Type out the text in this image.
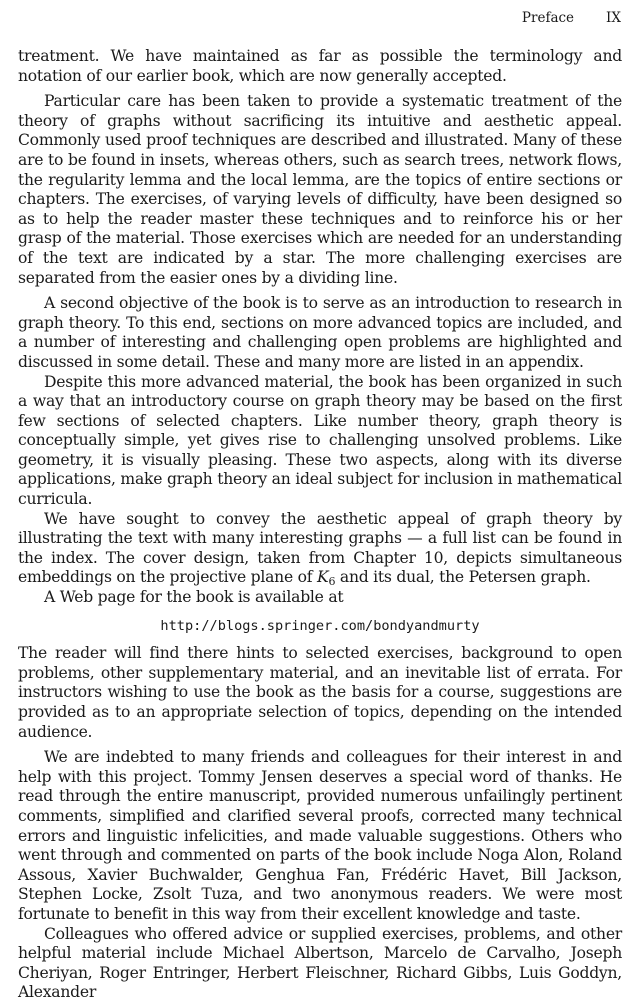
Preface IX

treatment. We have maintained as far as possible the terminology and notation of our earlier book, which are now generally accepted.

Particular care has been taken to provide a systematic treatment of the theory of graphs without sacrificing its intuitive and aesthetic appeal. Commonly used proof techniques are described and illustrated. Many of these are to be found in insets, whereas others, such as search trees, network flows, the regularity lemma and the local lemma, are the topics of entire sections or chapters. The exercises, of varying levels of difficulty, have been designed so as to help the reader master these techniques and to reinforce his or her grasp of the material. Those exercises which are needed for an understanding of the text are indicated by a star. The more challenging exercises are separated from the easier ones by a dividing line.

A second objective of the book is to serve as an introduction to research in graph theory. To this end, sections on more advanced topics are included, and a number of interesting and challenging open problems are highlighted and discussed in some detail. These and many more are listed in an appendix.

Despite this more advanced material, the book has been organized in such a way that an introductory course on graph theory may be based on the first few sections of selected chapters. Like number theory, graph theory is conceptually simple, yet gives rise to challenging unsolved problems. Like geometry, it is visually pleasing. These two aspects, along with its diverse applications, make graph theory an ideal subject for inclusion in mathematical curricula.

We have sought to convey the aesthetic appeal of graph theory by illustrating the text with many interesting graphs — a full list can be found in the index. The cover design, taken from Chapter 10, depicts simultaneous embeddings on the projective plane of $K_6$ and its dual, the Petersen graph.

A Web page for the book is available at

http://blogs.springer.com/bondyandmurty

The reader will find there hints to selected exercises, background to open problems, other supplementary material, and an inevitable list of errata. For instructors wishing to use the book as the basis for a course, suggestions are provided as to an appropriate selection of topics, depending on the intended audience.

We are indebted to many friends and colleagues for their interest in and help with this project. Tommy Jensen deserves a special word of thanks. He read through the entire manuscript, provided numerous unfailingly pertinent comments, simplified and clarified several proofs, corrected many technical errors and linguistic infelicities, and made valuable suggestions. Others who went through and commented on parts of the book include Noga Alon, Roland Assous, Xavier Buchwalder, Genghua Fan, Frédéric Havet, Bill Jackson, Stephen Locke, Zsolt Tuza, and two anonymous readers. We were most fortunate to benefit in this way from their excellent knowledge and taste.

Colleagues who offered advice or supplied exercises, problems, and other helpful material include Michael Albertson, Marcelo de Carvalho, Joseph Cheriyan, Roger Entringer, Herbert Fleischner, Richard Gibbs, Luis Goddyn, Alexander
